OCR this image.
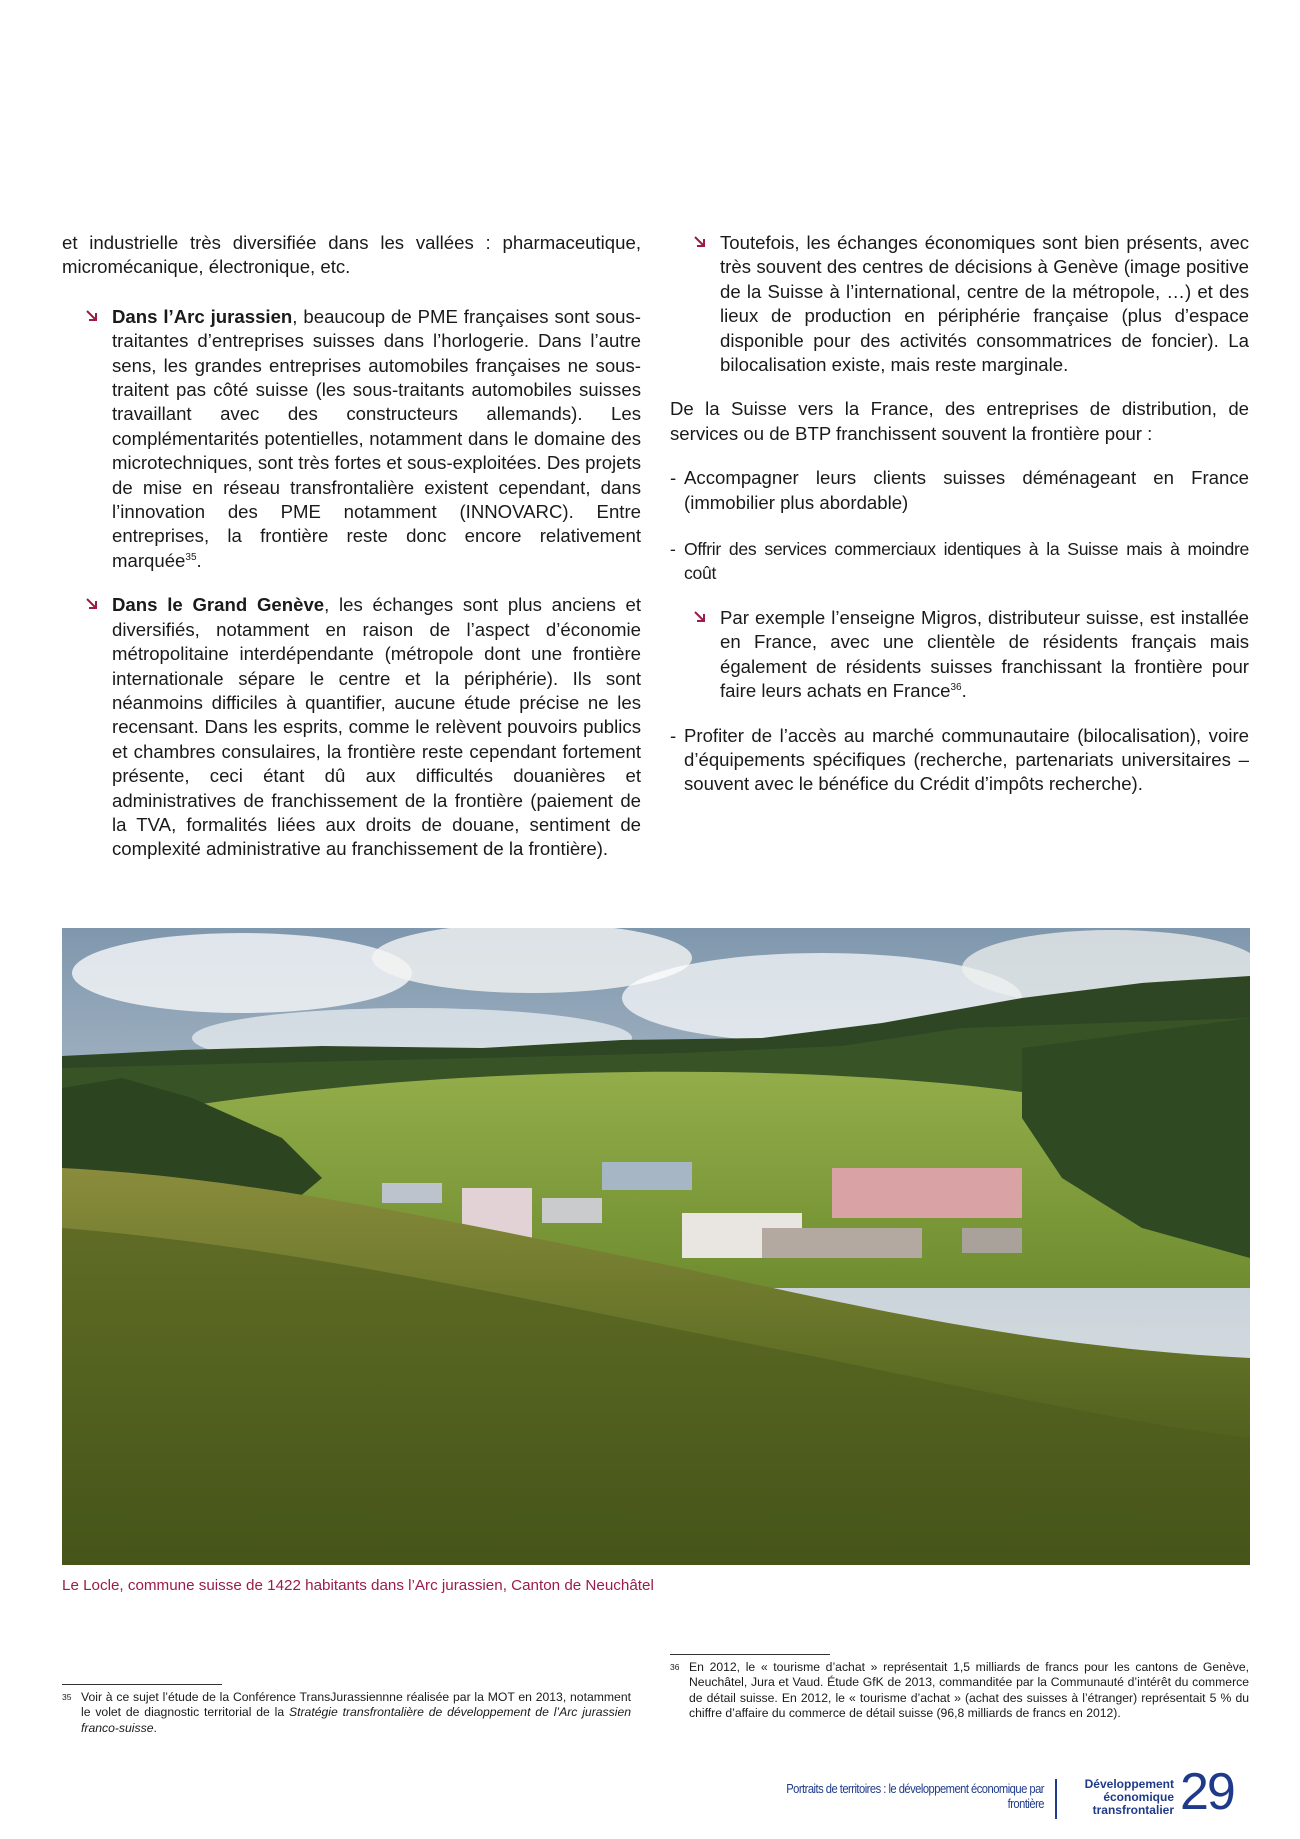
et industrielle très diversifiée dans les vallées : pharmaceutique, micromécanique, électronique, etc.

Dans l’Arc jurassien, beaucoup de PME françaises sont sous-traitantes d’entreprises suisses dans l’horlogerie. Dans l’autre sens, les grandes entreprises automobiles françaises ne sous-traitent pas côté suisse (les sous-traitants automobiles suisses travaillant avec des constructeurs allemands). Les complémentarités potentielles, notamment dans le domaine des microtechniques, sont très fortes et sous-exploitées. Des projets de mise en réseau transfrontalière existent cependant, dans l’innovation des PME notamment (INNOVARC). Entre entreprises, la frontière reste donc encore relativement marquée$^{35}$.

Dans le Grand Genève, les échanges sont plus anciens et diversifiés, notamment en raison de l’aspect d’économie métropolitaine interdépendante (métropole dont une frontière internationale sépare le centre et la périphérie). Ils sont néanmoins difficiles à quantifier, aucune étude précise ne les recensant. Dans les esprits, comme le relèvent pouvoirs publics et chambres consulaires, la frontière reste cependant fortement présente, ceci étant dû aux difficultés douanières et administratives de franchissement de la frontière (paiement de la TVA, formalités liées aux droits de douane, sentiment de complexité administrative au franchissement de la frontière).

Toutefois, les échanges économiques sont bien présents, avec très souvent des centres de décisions à Genève (image positive de la Suisse à l’international, centre de la métropole, …) et des lieux de production en périphérie française (plus d’espace disponible pour des activités consommatrices de foncier). La bilocalisation existe, mais reste marginale.

De la Suisse vers la France, des entreprises de distribution, de services ou de BTP franchissent souvent la frontière pour :

- Accompagner leurs clients suisses déménageant en France (immobilier plus abordable)

- Offrir des services commerciaux identiques à la Suisse mais à moindre coût

Par exemple l’enseigne Migros, distributeur suisse, est installée en France, avec une clientèle de résidents français mais également de résidents suisses franchissant la frontière pour faire leurs achats en France$^{36}$.

- Profiter de l’accès au marché communautaire (bilocalisation), voire d’équipements spécifiques (recherche, partenariats universitaires – souvent avec le bénéfice du Crédit d’impôts recherche).

Le Locle, commune suisse de 1422 habitants dans l’Arc jurassien, Canton de Neuchâtel
35 Voir à ce sujet l’étude de la Conférence TransJurassiennne réalisée par la MOT en 2013, notamment le volet de diagnostic territorial de la Stratégie transfrontalière de développement de l’Arc jurassien franco-suisse.
36 En 2012, le « tourisme d’achat » représentait 1,5 milliards de francs pour les cantons de Genève, Neuchâtel, Jura et Vaud. Étude GfK de 2013, commanditée par la Communauté d’intérêt du commerce de détail suisse. En 2012, le « tourisme d’achat » (achat des suisses à l’étranger) représentait 5 % du chiffre d’affaire du commerce de détail suisse (96,8 milliards de francs en 2012).
Portraits de territoires : le développement économique par frontière
Développement
économique
transfrontalier 29
